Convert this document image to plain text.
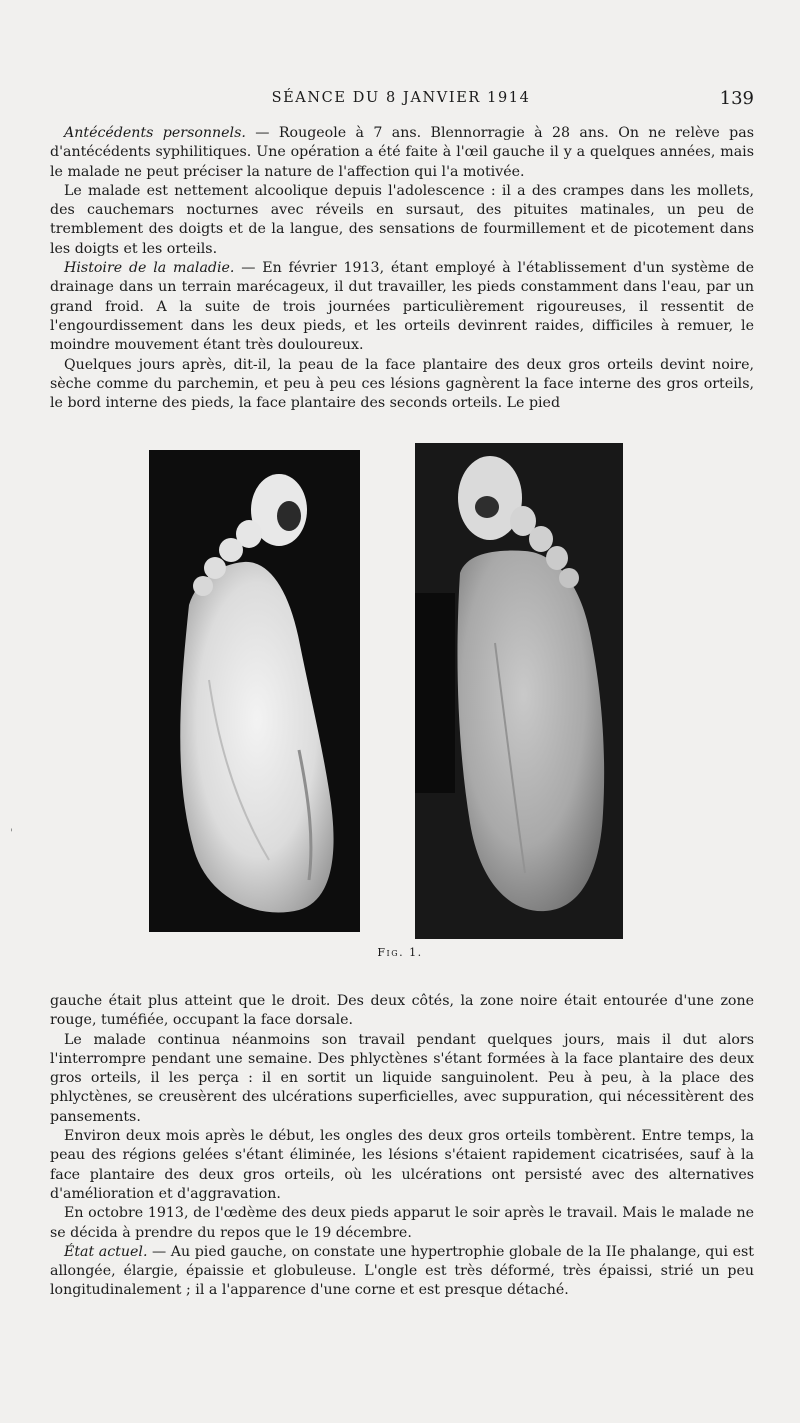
SÉANCE DU 8 JANVIER 1914	139

Antécédents personnels. — Rougeole à 7 ans. Blennorragie à 28 ans. On ne relève pas d'antécédents syphilitiques. Une opération a été faite à l'œil gauche il y a quelques années, mais le malade ne peut préciser la nature de l'affection qui l'a motivée.

Le malade est nettement alcoolique depuis l'adolescence : il a des crampes dans les mollets, des cauchemars nocturnes avec réveils en sursaut, des pituites matinales, un peu de tremblement des doigts et de la langue, des sensations de fourmillement et de picotement dans les doigts et les orteils.

Histoire de la maladie. — En février 1913, étant employé à l'établissement d'un système de drainage dans un terrain marécageux, il dut travailler, les pieds constamment dans l'eau, par un grand froid. A la suite de trois journées particulièrement rigoureuses, il ressentit de l'engourdissement dans les deux pieds, et les orteils devinrent raides, difficiles à remuer, le moindre mouvement étant très douloureux.

Quelques jours après, dit-il, la peau de la face plantaire des deux gros orteils devint noire, sèche comme du parchemin, et peu à peu ces lésions gagnèrent la face interne des gros orteils, le bord interne des pieds, la face plantaire des seconds orteils. Le pied

Fig. 1.
'

gauche était plus atteint que le droit. Des deux côtés, la zone noire était entourée d'une zone rouge, tuméfiée, occupant la face dorsale.

Le malade continua néanmoins son travail pendant quelques jours, mais il dut alors l'interrompre pendant une semaine. Des phlyctènes s'étant formées à la face plantaire des deux gros orteils, il les perça : il en sortit un liquide sanguinolent. Peu à peu, à la place des phlyctènes, se creusèrent des ulcérations superficielles, avec suppuration, qui nécessitèrent des pansements.

Environ deux mois après le début, les ongles des deux gros orteils tombèrent. Entre temps, la peau des régions gelées s'étant éliminée, les lésions s'étaient rapidement cicatrisées, sauf à la face plantaire des deux gros orteils, où les ulcérations ont persisté avec des alternatives d'amélioration et d'aggravation.

En octobre 1913, de l'œdème des deux pieds apparut le soir après le travail. Mais le malade ne se décida à prendre du repos que le 19 décembre.

État actuel. — Au pied gauche, on constate une hypertrophie globale de la IIe phalange, qui est allongée, élargie, épaissie et globuleuse. L'ongle est très déformé, très épaissi, strié un peu longitudinalement ; il a l'apparence d'une corne et est presque détaché.
